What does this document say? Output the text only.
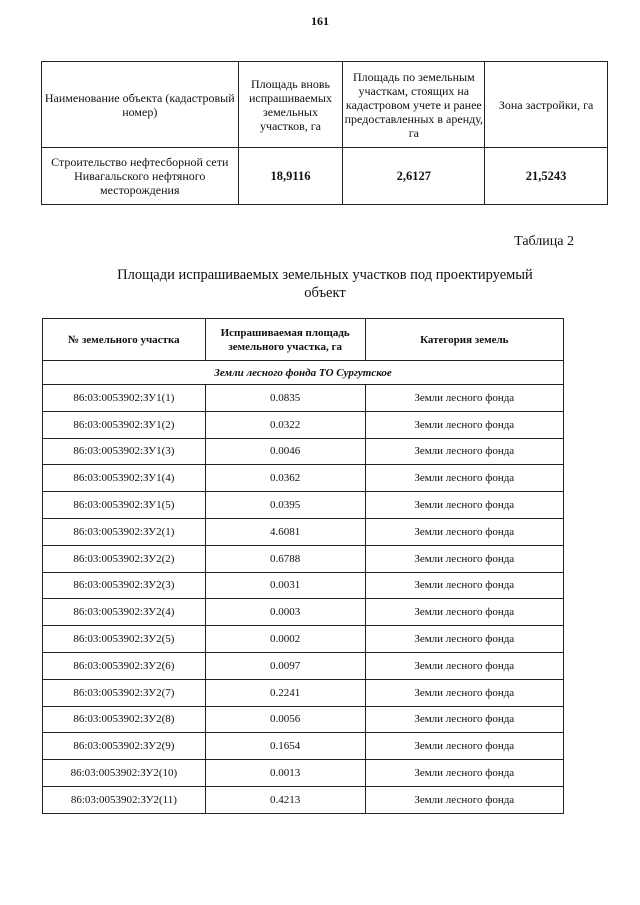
161
Наименование объекта (кадастровый номер)	Площадь вновь испрашиваемых земельных участков, га	Площадь по земельным участкам, стоящих на кадастровом учете и ранее предоставленных в аренду, га	Зона застройки, га
Строительство нефтесборной сети Нивагальского нефтяного месторождения	18,9116	2,6127	21,5243
Таблица 2
Площади испрашиваемых земельных участков под проектируемый объект
№ земельного участка	Испрашиваемая площадь земельного участка, га	Категория земель
Земли лесного фонда ТО Сургутское		
86:03:0053902:ЗУ1(1)	0.0835	Земли лесного фонда
86:03:0053902:ЗУ1(2)	0.0322	Земли лесного фонда
86:03:0053902:ЗУ1(3)	0.0046	Земли лесного фонда
86:03:0053902:ЗУ1(4)	0.0362	Земли лесного фонда
86:03:0053902:ЗУ1(5)	0.0395	Земли лесного фонда
86:03:0053902:ЗУ2(1)	4.6081	Земли лесного фонда
86:03:0053902:ЗУ2(2)	0.6788	Земли лесного фонда
86:03:0053902:ЗУ2(3)	0.0031	Земли лесного фонда
86:03:0053902:ЗУ2(4)	0.0003	Земли лесного фонда
86:03:0053902:ЗУ2(5)	0.0002	Земли лесного фонда
86:03:0053902:ЗУ2(6)	0.0097	Земли лесного фонда
86:03:0053902:ЗУ2(7)	0.2241	Земли лесного фонда
86:03:0053902:ЗУ2(8)	0.0056	Земли лесного фонда
86:03:0053902:ЗУ2(9)	0.1654	Земли лесного фонда
86:03:0053902:ЗУ2(10)	0.0013	Земли лесного фонда
86:03:0053902:ЗУ2(11)	0.4213	Земли лесного фонда
